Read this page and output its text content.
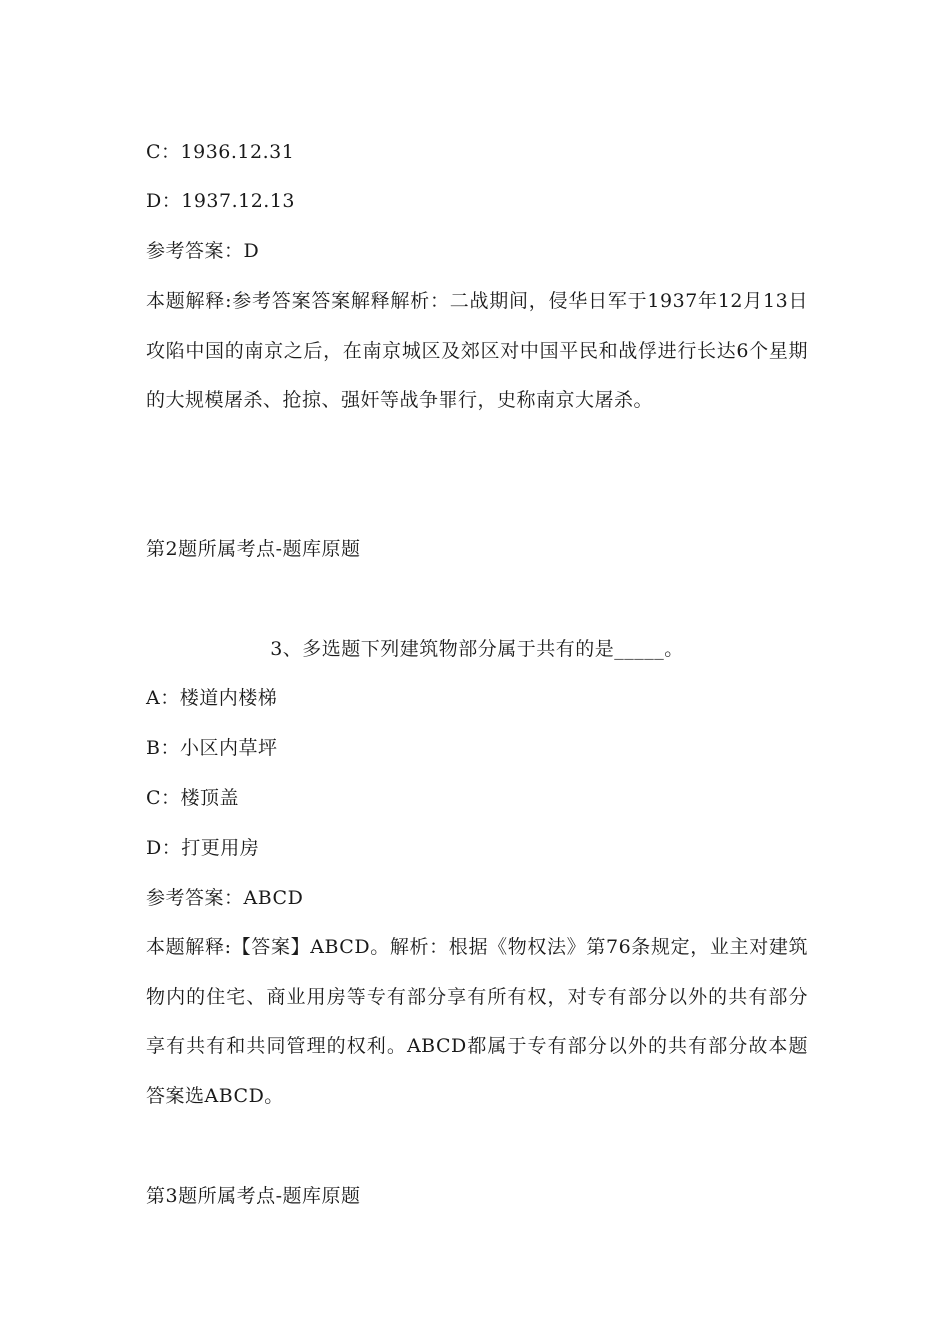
C：1936.12.31
D：1937.12.13
参考答案：D
本题解释:参考答案答案解释解析：二战期间，侵华日军于1937年12月13日攻陷中国的南京之后，在南京城区及郊区对中国平民和战俘进行长达6个星期的大规模屠杀、抢掠、强奸等战争罪行，史称南京大屠杀。
第2题所属考点-题库原题
3、多选题下列建筑物部分属于共有的是_____。
A：楼道内楼梯
B：小区内草坪
C：楼顶盖
D：打更用房
参考答案：ABCD
本题解释:【答案】ABCD。解析：根据《物权法》第76条规定，业主对建筑物内的住宅、商业用房等专有部分享有所有权，对专有部分以外的共有部分享有共有和共同管理的权利。ABCD都属于专有部分以外的共有部分故本题答案选ABCD。
第3题所属考点-题库原题
